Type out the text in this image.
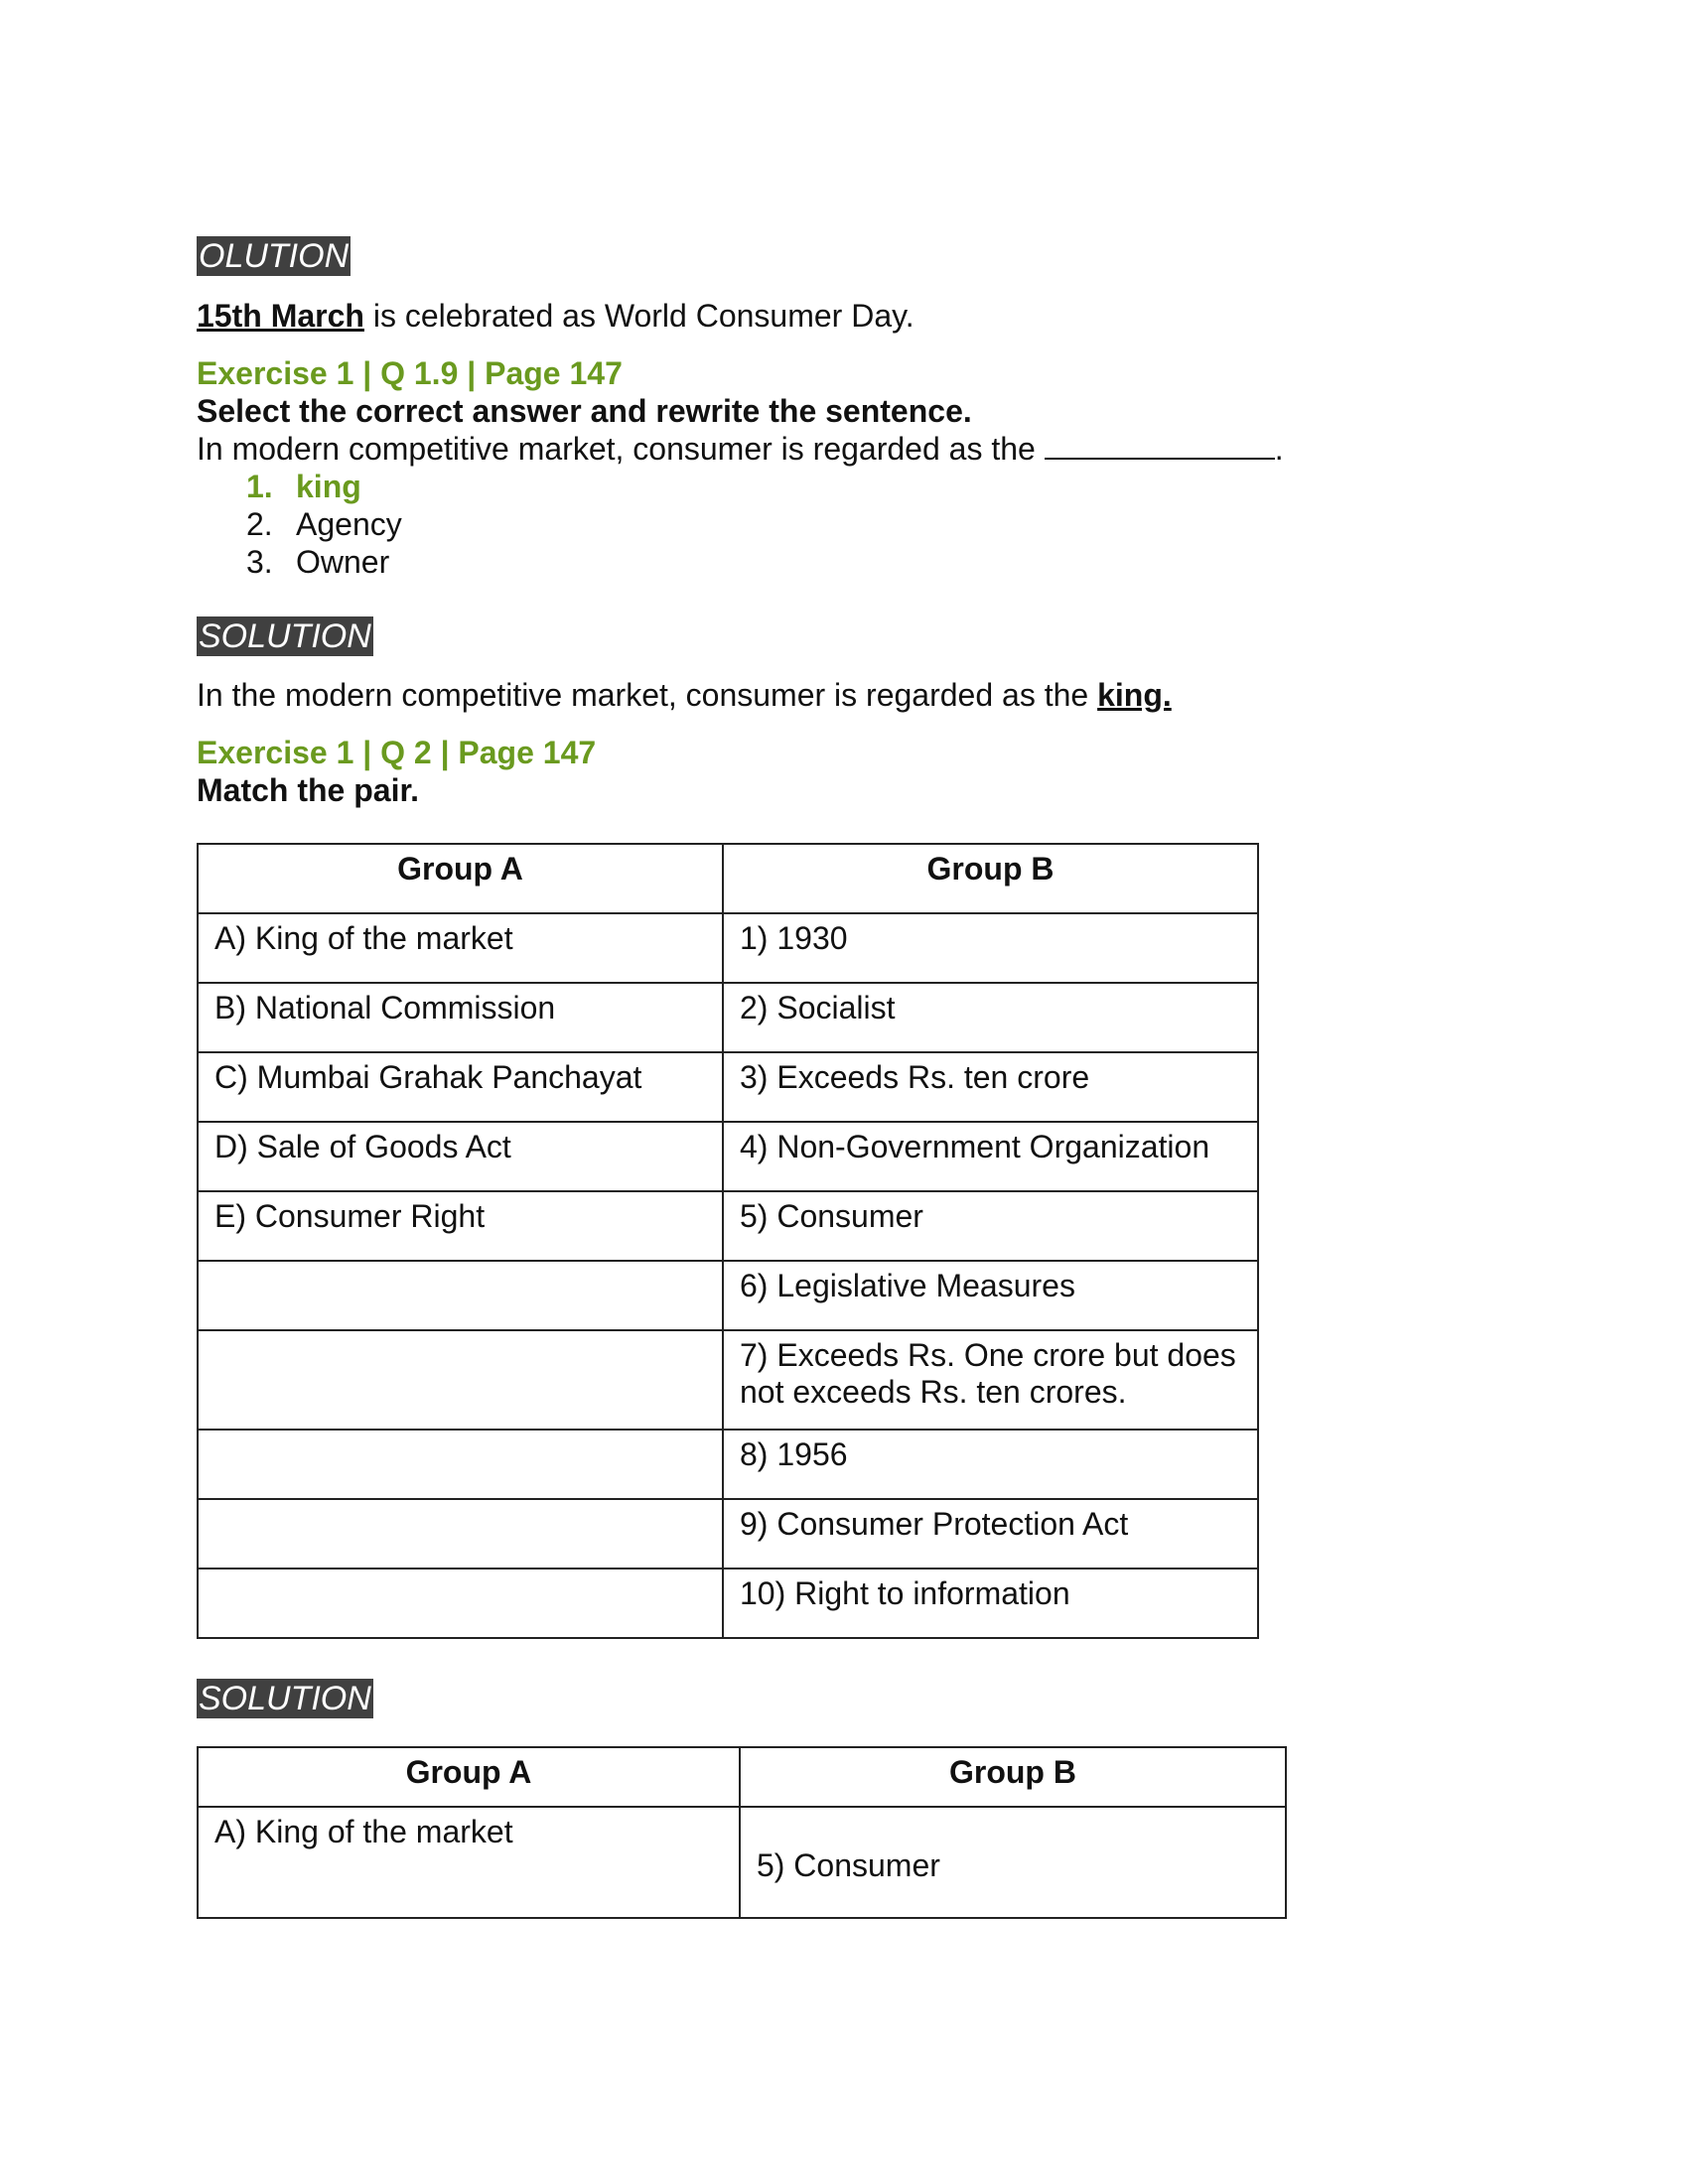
OLUTION
15th March is celebrated as World Consumer Day.
Exercise 1 | Q 1.9 | Page 147
Select the correct answer and rewrite the sentence.
In modern competitive market, consumer is regarded as the	.
1. king
2. Agency
3. Owner
SOLUTION
In the modern competitive market, consumer is regarded as the king.
Exercise 1 | Q 2 | Page 147
Match the pair.
Group A	Group B
A) King of the market	1) 1930
B) National Commission	2) Socialist
C) Mumbai Grahak Panchayat	3) Exceeds Rs. ten crore
D) Sale of Goods Act	4) Non-Government Organization
E) Consumer Right	5) Consumer
	6) Legislative Measures
	7) Exceeds Rs. One crore but does not exceeds Rs. ten crores.
	8) 1956
	9) Consumer Protection Act
	10) Right to information
SOLUTION
Group A	Group B
A) King of the market	5) Consumer
